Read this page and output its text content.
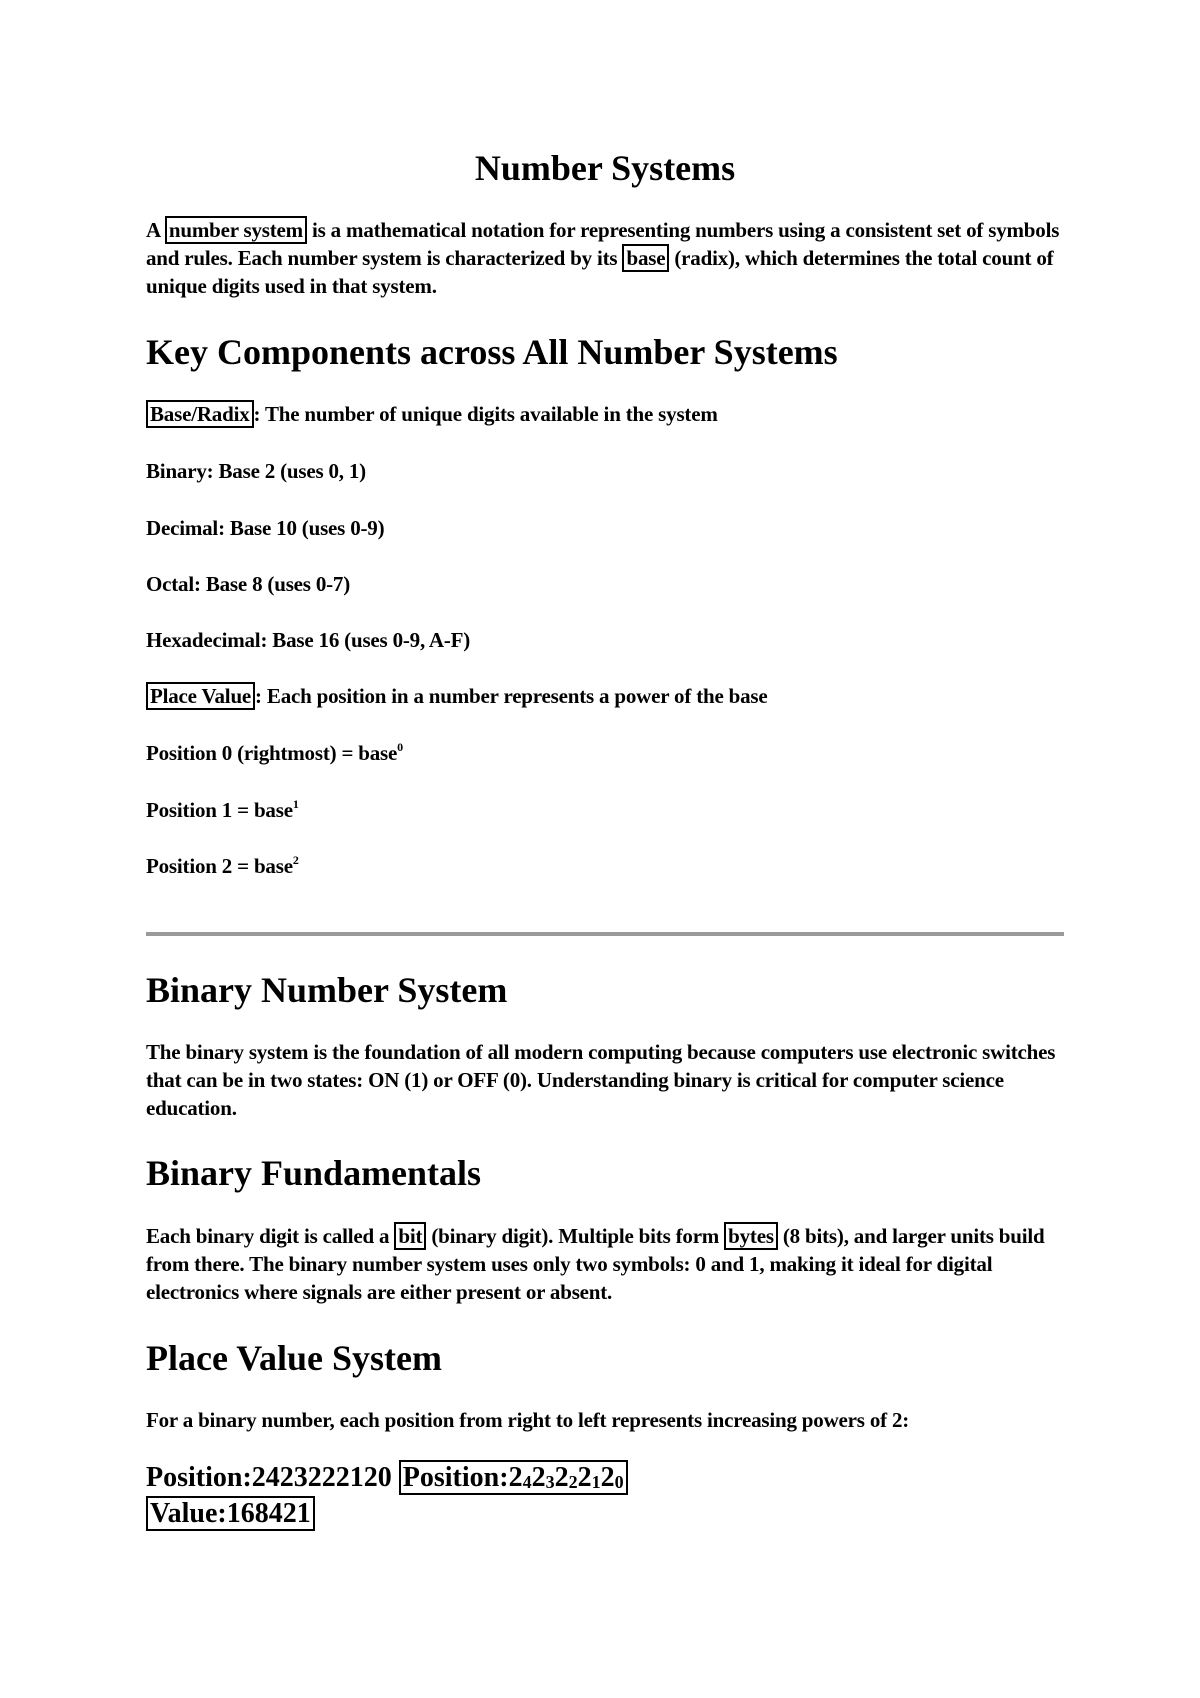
Number Systems

A number system is a mathematical notation for representing numbers using a consistent set of symbols and rules. Each number system is characterized by its base (radix), which determines the total count of unique digits used in that system.

Key Components across All Number Systems

Base/Radix : The number of unique digits available in the system

Binary: Base 2 (uses 0, 1)

Decimal: Base 10 (uses 0-9)

Octal: Base 8 (uses 0-7)

Hexadecimal: Base 16 (uses 0-9, A-F)

Place Value : Each position in a number represents a power of the base

Position 0 (rightmost) = base$^0$

Position 1 = base$^1$

Position 2 = base$^2$

Binary Number System

The binary system is the foundation of all modern computing because computers use electronic switches that can be in two states: ON (1) or OFF (0). Understanding binary is critical for computer science education.

Binary Fundamentals

Each binary digit is called a bit (binary digit). Multiple bits form bytes (8 bits), and larger units build from there. The binary number system uses only two symbols: 0 and 1, making it ideal for digital electronics where signals are either present or absent.

Place Value System

For a binary number, each position from right to left represents increasing powers of 2:

Position:2423222120 $Position:2_42_32_22_12_0$
Value:168421
